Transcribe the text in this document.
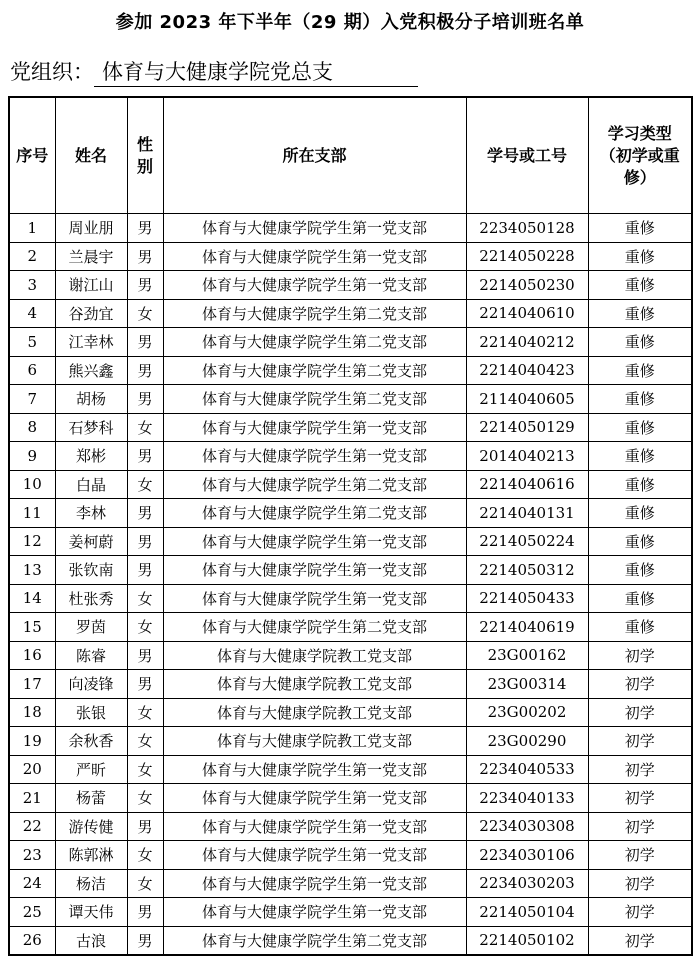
参加 2023 年下半年（29 期）入党积极分子培训班名单
党组织： 体育与大健康学院党总支
序号	姓名	性别	所在支部	学号或工号	学习类型（初学或重修）
1	周业朋	男	体育与大健康学院学生第一党支部	2234050128	重修
2	兰晨宇	男	体育与大健康学院学生第一党支部	2214050228	重修
3	谢江山	男	体育与大健康学院学生第一党支部	2214050230	重修
4	谷劲宜	女	体育与大健康学院学生第二党支部	2214040610	重修
5	江幸林	男	体育与大健康学院学生第二党支部	2214040212	重修
6	熊兴鑫	男	体育与大健康学院学生第二党支部	2214040423	重修
7	胡杨	男	体育与大健康学院学生第二党支部	2114040605	重修
8	石梦科	女	体育与大健康学院学生第一党支部	2214050129	重修
9	郑彬	男	体育与大健康学院学生第一党支部	2014040213	重修
10	白晶	女	体育与大健康学院学生第二党支部	2214040616	重修
11	李林	男	体育与大健康学院学生第二党支部	2214040131	重修
12	姜柯蔚	男	体育与大健康学院学生第一党支部	2214050224	重修
13	张钦南	男	体育与大健康学院学生第一党支部	2214050312	重修
14	杜张秀	女	体育与大健康学院学生第一党支部	2214050433	重修
15	罗茵	女	体育与大健康学院学生第二党支部	2214040619	重修
16	陈睿	男	体育与大健康学院教工党支部	23G00162	初学
17	向凌锋	男	体育与大健康学院教工党支部	23G00314	初学
18	张银	女	体育与大健康学院教工党支部	23G00202	初学
19	余秋香	女	体育与大健康学院教工党支部	23G00290	初学
20	严昕	女	体育与大健康学院学生第一党支部	2234040533	初学
21	杨蕾	女	体育与大健康学院学生第一党支部	2234040133	初学
22	游传健	男	体育与大健康学院学生第一党支部	2234030308	初学
23	陈郭淋	女	体育与大健康学院学生第一党支部	2234030106	初学
24	杨洁	女	体育与大健康学院学生第一党支部	2234030203	初学
25	谭天伟	男	体育与大健康学院学生第一党支部	2214050104	初学
26	古浪	男	体育与大健康学院学生第二党支部	2214050102	初学
